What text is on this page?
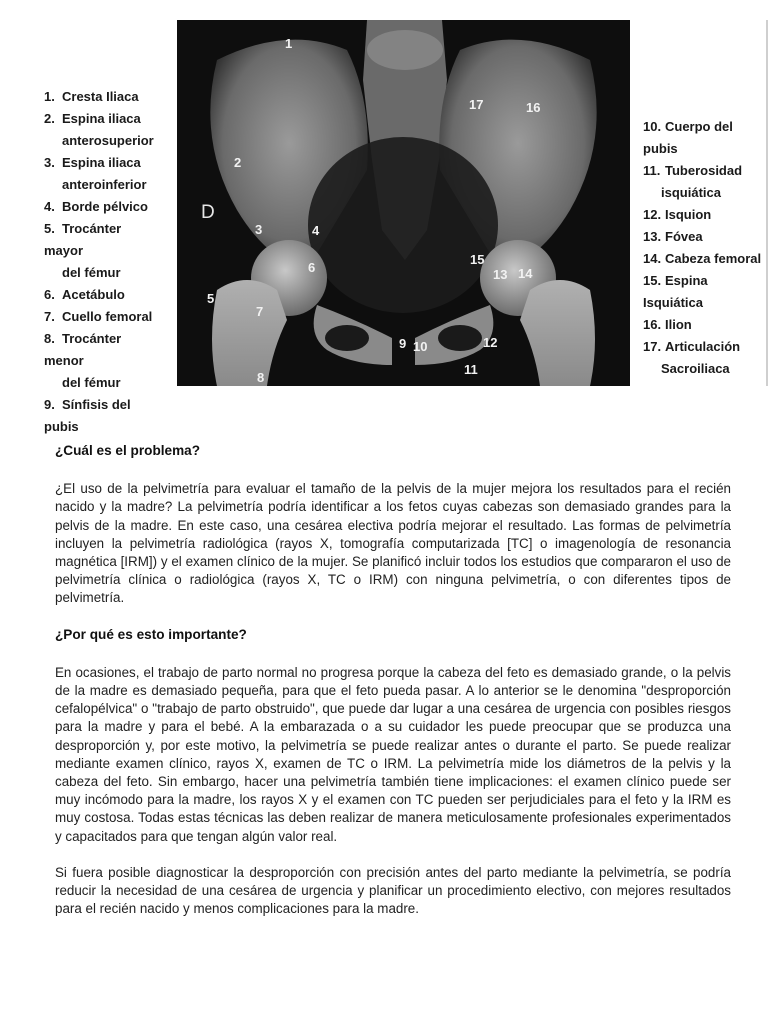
1. Cresta Iliaca
2. Espina iliaca
anterosuperior
3. Espina iliaca
anteroinferior
4. Borde pélvico
5. Trocánter mayor
del fémur
6. Acetábulo
7. Cuello femoral
8. Trocánter menor
del fémur
9. Sínfisis del pubis
1
2
3	4
5
6
7
8
9 10
11
12
13 14
15
16
17
D
10. Cuerpo del pubis
11. Tuberosidad
isquiática
12. Isquion
13. Fóvea
14. Cabeza femoral
15. Espina Isquiática
16. Ilion
17. Articulación
Sacroiliaca
¿Cuál es el problema?

¿El uso de la pelvimetría para evaluar el tamaño de la pelvis de la mujer mejora los resultados para el recién nacido y la madre? La pelvimetría podría identificar a los fetos cuyas cabezas son demasiado grandes para la pelvis de la madre. En este caso, una cesárea electiva podría mejorar el resultado. Las formas de pelvimetría incluyen la pelvimetría radiológica (rayos X, tomografía computarizada [TC] o imagenología de resonancia magnética [IRM]) y el examen clínico de la mujer. Se planificó incluir todos los estudios que compararon el uso de pelvimetría clínica o radiológica (rayos X, TC o IRM) con ninguna pelvimetría, o con diferentes tipos de pelvimetría.

¿Por qué es esto importante?

En ocasiones, el trabajo de parto normal no progresa porque la cabeza del feto es demasiado grande, o la pelvis de la madre es demasiado pequeña, para que el feto pueda pasar. A lo anterior se le denomina "desproporción cefalopélvica" o "trabajo de parto obstruido", que puede dar lugar a una cesárea de urgencia con posibles riesgos para la madre y para el bebé. A la embarazada o a su cuidador les puede preocupar que se produzca una desproporción y, por este motivo, la pelvimetría se puede realizar antes o durante el parto. Se puede realizar mediante examen clínico, rayos X, examen de TC o IRM. La pelvimetría mide los diámetros de la pelvis y la cabeza del feto. Sin embargo, hacer una pelvimetría también tiene implicaciones: el examen clínico puede ser muy incómodo para la madre, los rayos X y el examen con TC pueden ser perjudiciales para el feto y la IRM es muy costosa. Todas estas técnicas las deben realizar de manera meticulosamente profesionales experimentados y capacitados para que tengan algún valor real.

Si fuera posible diagnosticar la desproporción con precisión antes del parto mediante la pelvimetría, se podría reducir la necesidad de una cesárea de urgencia y planificar un procedimiento electivo, con mejores resultados para el recién nacido y menos complicaciones para la madre.
